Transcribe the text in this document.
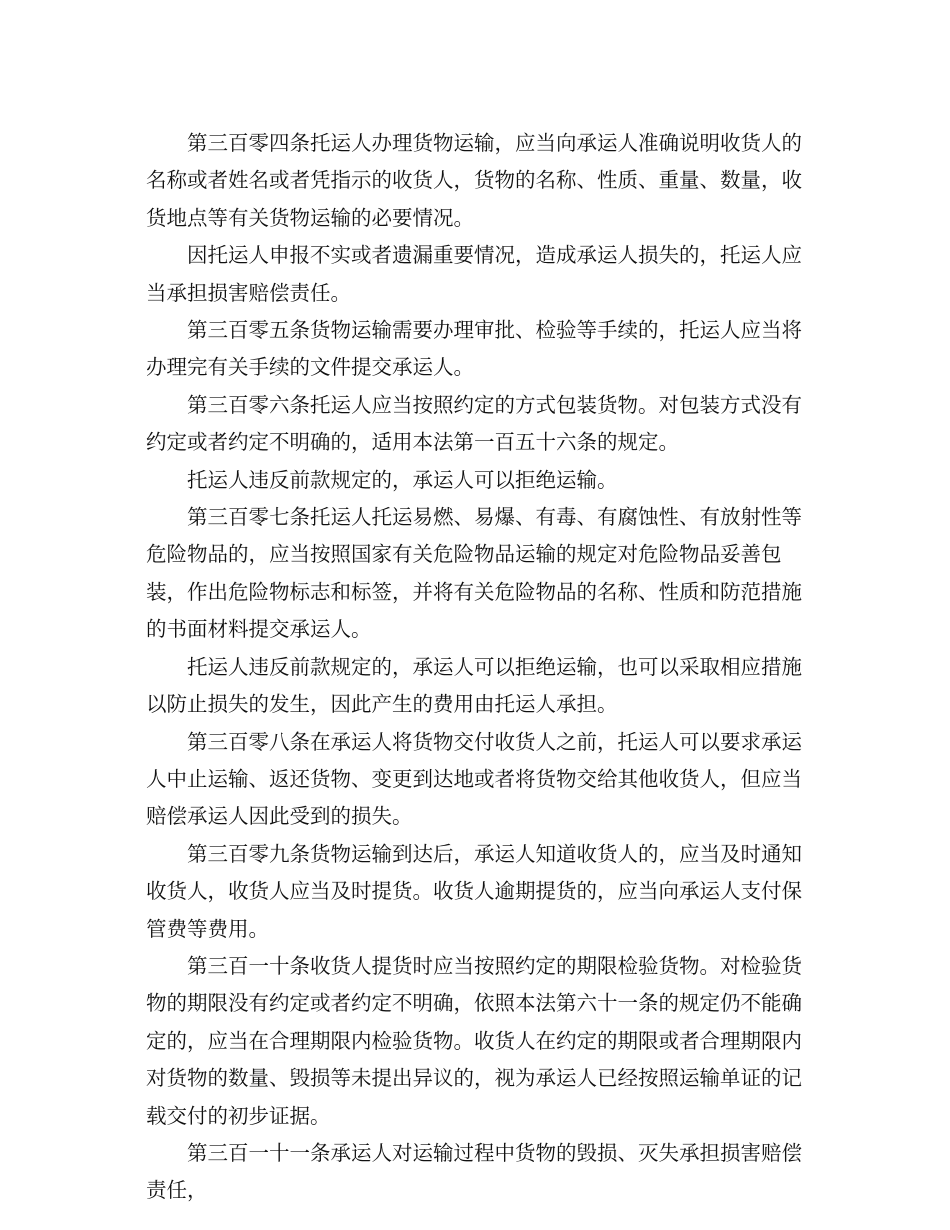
第三百零四条托运人办理货物运输，应当向承运人准确说明收货人的名称或者姓名或者凭指示的收货人，货物的名称、性质、重量、数量，收货地点等有关货物运输的必要情况。

因托运人申报不实或者遗漏重要情况，造成承运人损失的，托运人应当承担损害赔偿责任。

第三百零五条货物运输需要办理审批、检验等手续的，托运人应当将办理完有关手续的文件提交承运人。

第三百零六条托运人应当按照约定的方式包装货物。对包装方式没有约定或者约定不明确的，适用本法第一百五十六条的规定。

托运人违反前款规定的，承运人可以拒绝运输。

第三百零七条托运人托运易燃、易爆、有毒、有腐蚀性、有放射性等危险物品的，应当按照国家有关危险物品运输的规定对危险物品妥善包装，作出危险物标志和标签，并将有关危险物品的名称、性质和防范措施的书面材料提交承运人。

托运人违反前款规定的，承运人可以拒绝运输，也可以采取相应措施以防止损失的发生，因此产生的费用由托运人承担。

第三百零八条在承运人将货物交付收货人之前，托运人可以要求承运人中止运输、返还货物、变更到达地或者将货物交给其他收货人，但应当赔偿承运人因此受到的损失。

第三百零九条货物运输到达后，承运人知道收货人的，应当及时通知收货人，收货人应当及时提货。收货人逾期提货的，应当向承运人支付保管费等费用。

第三百一十条收货人提货时应当按照约定的期限检验货物。对检验货物的期限没有约定或者约定不明确，依照本法第六十一条的规定仍不能确定的，应当在合理期限内检验货物。收货人在约定的期限或者合理期限内对货物的数量、毁损等未提出异议的，视为承运人已经按照运输单证的记载交付的初步证据。

第三百一十一条承运人对运输过程中货物的毁损、灭失承担损害赔偿责任，
